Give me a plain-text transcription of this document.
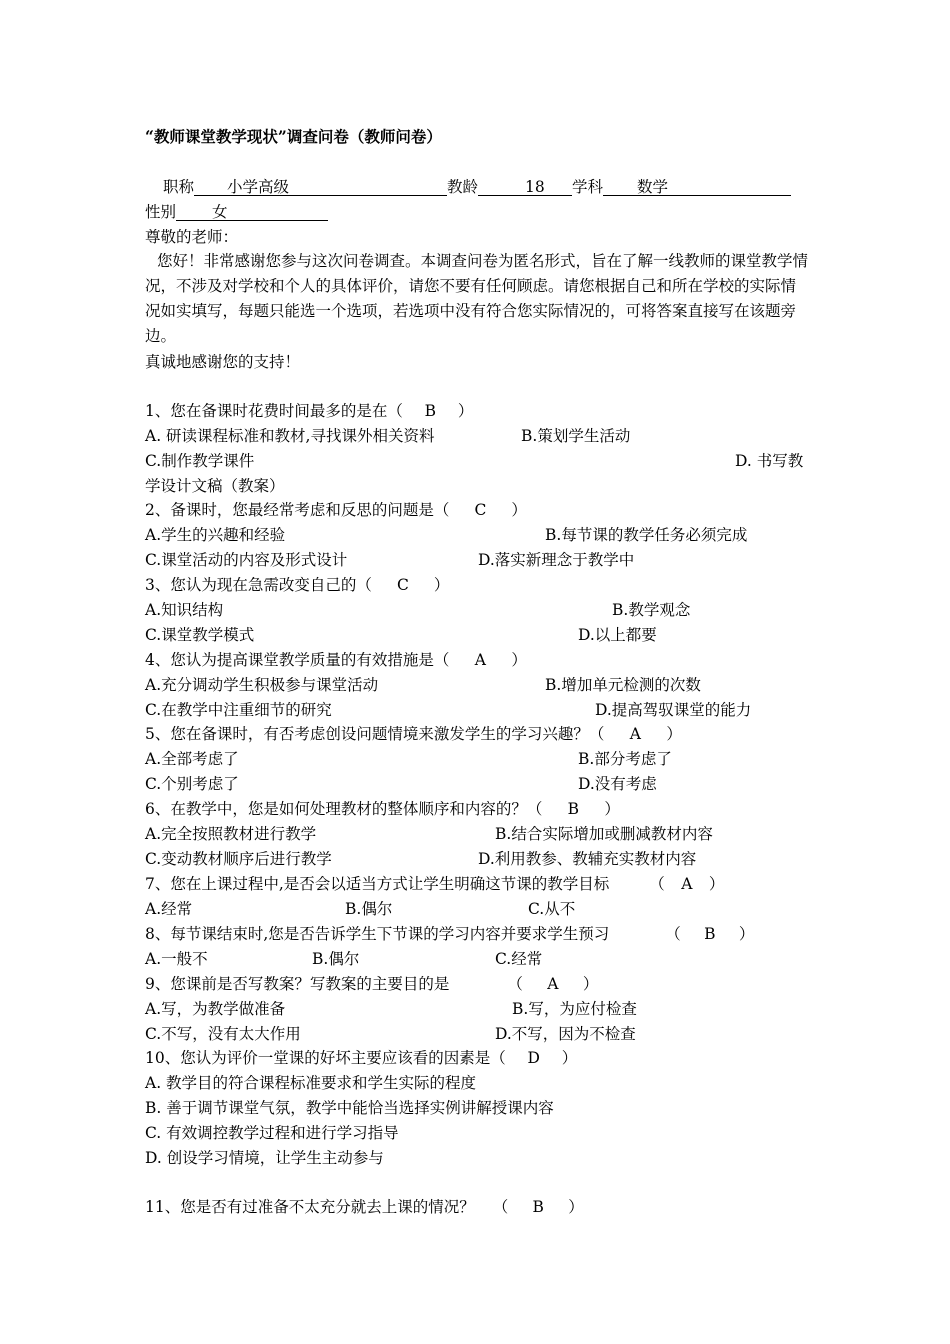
“教师课堂教学现状”调查问卷（教师问卷）
职称 小学高级	教龄	18 学科 数学
性别 女
尊敬的老师：
您好！非常感谢您参与这次问卷调查。本调查问卷为匿名形式，旨在了解一线教师的课堂教学情况，不涉及对学校和个人的具体评价，请您不要有任何顾虑。请您根据自己和所在学校的实际情况如实填写，每题只能选一个选项，若选项中没有符合您实际情况的，可将答案直接写在该题旁边。
真诚地感谢您的支持！
1、您在备课时花费时间最多的是在（ B ）
A. 研读课程标准和教材,寻找课外相关资料	B.策划学生活动
C.制作教学课件	D. 书写教
学设计文稿（教案）
2、备课时，您最经常考虑和反思的问题是（ C ）
A.学生的兴趣和经验	B.每节课的教学任务必须完成
C.课堂活动的内容及形式设计	D.落实新理念于教学中
3、您认为现在急需改变自己的（ C ）
A.知识结构	B.教学观念
C.课堂教学模式	D.以上都要
4、您认为提高课堂教学质量的有效措施是（ A ）
A.充分调动学生积极参与课堂活动	B.增加单元检测的次数
C.在教学中注重细节的研究	D.提高驾驭课堂的能力
5、您在备课时，有否考虑创设问题情境来激发学生的学习兴趣？（ A ）
A.全部考虑了	B.部分考虑了
C.个别考虑了	D.没有考虑
6、在教学中，您是如何处理教材的整体顺序和内容的？（ B ）
A.完全按照教材进行教学	B.结合实际增加或删减教材内容
C.变动教材顺序后进行教学	D.利用教参、教辅充实教材内容
7、您在上课过程中,是否会以适当方式让学生明确这节课的教学目标	（ A ）
A.经常	B.偶尔	C.从不
8、每节课结束时,您是否告诉学生下节课的学习内容并要求学生预习	（ B ）
A.一般不	B.偶尔	C.经常
9、您课前是否写教案？写教案的主要目的是	（ A ）
A.写，为教学做准备	B.写，为应付检查
C.不写，没有太大作用	D.不写，因为不检查
10、您认为评价一堂课的好坏主要应该看的因素是（ D ）
A. 教学目的符合课程标准要求和学生实际的程度
B. 善于调节课堂气氛，教学中能恰当选择实例讲解授课内容
C. 有效调控教学过程和进行学习指导
D. 创设学习情境，让学生主动参与
11、您是否有过准备不太充分就去上课的情况？ （ B ）
